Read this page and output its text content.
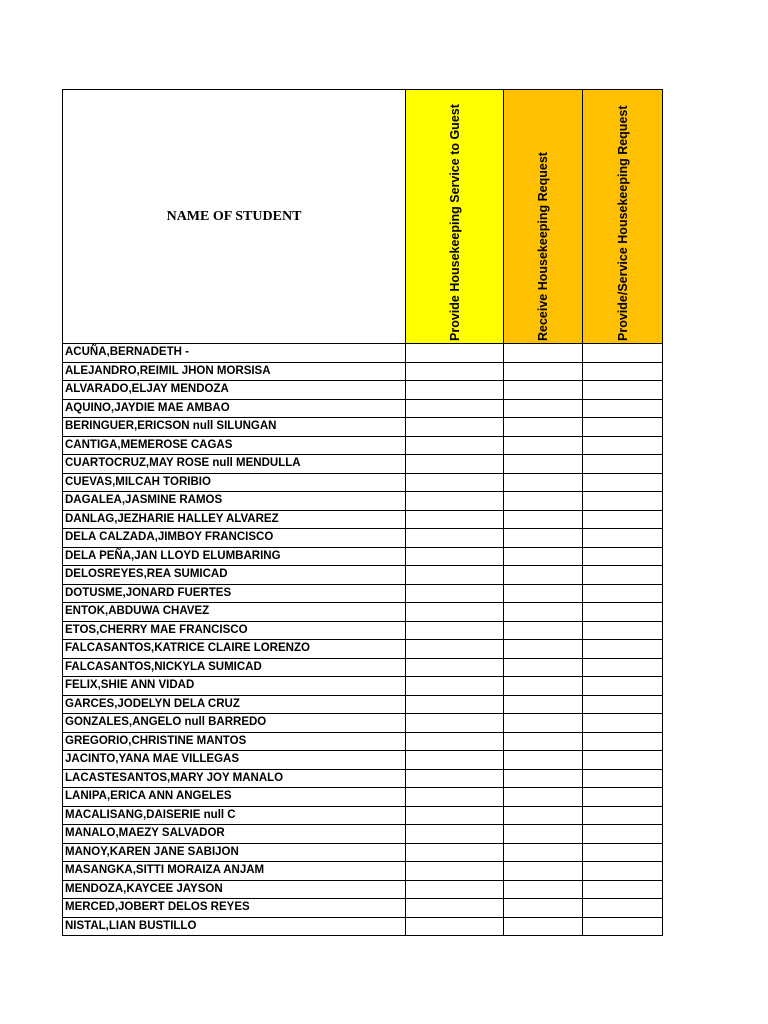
NAME OF STUDENT	Provide Housekeeping Service to Guest	Receive Housekeeping Request	Provide/Service Housekeeping Request

ACUÑA,BERNADETH -			
ALEJANDRO,REIMIL JHON MORSISA			
ALVARADO,ELJAY MENDOZA			
AQUINO,JAYDIE MAE AMBAO			
BERINGUER,ERICSON null SILUNGAN			
CANTIGA,MEMEROSE CAGAS			
CUARTOCRUZ,MAY ROSE null MENDULLA			
CUEVAS,MILCAH TORIBIO			
DAGALEA,JASMINE RAMOS			
DANLAG,JEZHARIE HALLEY ALVAREZ			
DELA CALZADA,JIMBOY FRANCISCO			
DELA PEÑA,JAN LLOYD ELUMBARING			
DELOSREYES,REA SUMICAD			
DOTUSME,JONARD FUERTES			
ENTOK,ABDUWA CHAVEZ			
ETOS,CHERRY MAE FRANCISCO			
FALCASANTOS,KATRICE CLAIRE LORENZO			
FALCASANTOS,NICKYLA SUMICAD			
FELIX,SHIE ANN VIDAD			
GARCES,JODELYN DELA CRUZ			
GONZALES,ANGELO null BARREDO			
GREGORIO,CHRISTINE MANTOS			
JACINTO,YANA MAE VILLEGAS			
LACASTESANTOS,MARY JOY MANALO			
LANIPA,ERICA ANN ANGELES			
MACALISANG,DAISERIE null C			
MANALO,MAEZY SALVADOR			
MANOY,KAREN JANE SABIJON			
MASANGKA,SITTI MORAIZA ANJAM			
MENDOZA,KAYCEE JAYSON			
MERCED,JOBERT DELOS REYES			
NISTAL,LIAN BUSTILLO			
